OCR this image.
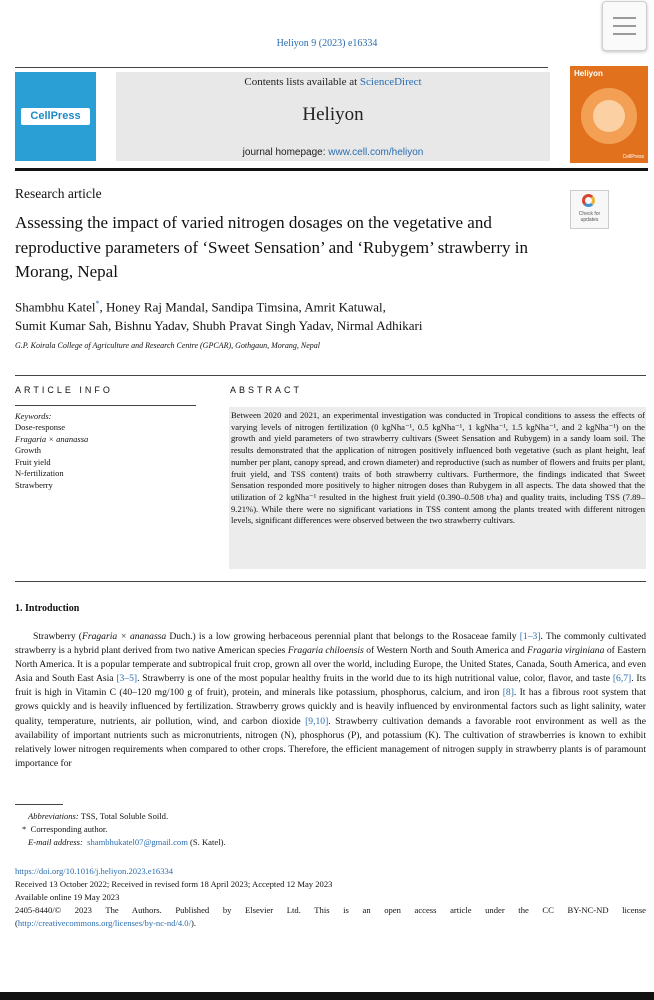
Heliyon 9 (2023) e16334
CellPress
Contents lists available at ScienceDirect
Heliyon
journal homepage: www.cell.com/heliyon
Heliyon
CellPress
Research article
Check for updates
Assessing the impact of varied nitrogen dosages on the vegetative and reproductive parameters of ‘Sweet Sensation’ and ‘Rubygem’ strawberry in Morang, Nepal
Shambhu Katel*, Honey Raj Mandal, Sandipa Timsina, Amrit Katuwal,
Sumit Kumar Sah, Bishnu Yadav, Shubh Pravat Singh Yadav, Nirmal Adhikari
G.P. Koirala College of Agriculture and Research Centre (GPCAR), Gothgaun, Morang, Nepal
ARTICLE INFO	ABSTRACT
Keywords:
Dose-response
Fragaria × ananassa
Growth
Fruit yield
N-fertilization
Strawberry
Between 2020 and 2021, an experimental investigation was conducted in Tropical conditions to assess the effects of varying levels of nitrogen fertilization (0 kgNha⁻¹, 0.5 kgNha⁻¹, 1 kgNha⁻¹, 1.5 kgNha⁻¹, and 2 kgNha⁻¹) on the growth and yield parameters of two strawberry cultivars (Sweet Sensation and Rubygem) in a sandy loam soil. The results demonstrated that the application of nitrogen positively influenced both vegetative (such as plant height, leaf number per plant, canopy spread, and crown diameter) and reproductive (such as number of flowers and fruits per plant, fruit yield, and TSS content) traits of both strawberry cultivars. Furthermore, the findings indicated that Sweet Sensation responded more positively to higher nitrogen doses than Rubygem in all aspects. The data showed that the utilization of 2 kgNha⁻¹ resulted in the highest fruit yield (0.390–0.508 t/ha) and quality traits, including TSS (7.89–9.21%). While there were no significant variations in TSS content among the plants treated with different nitrogen levels, significant differences were observed between the two strawberry cultivars.
1. Introduction
Strawberry (Fragaria × ananassa Duch.) is a low growing herbaceous perennial plant that belongs to the Rosaceae family [1–3]. The commonly cultivated strawberry is a hybrid plant derived from two native American species Fragaria chiloensis of Western North and South America and Fragaria virginiana of Eastern North America. It is a popular temperate and subtropical fruit crop, grown all over the world, including Europe, the United States, Canada, South America, and even Asia and South East Asia [3–5]. Strawberry is one of the most popular healthy fruits in the world due to its high nutritional value, color, flavor, and taste [6,7]. Its fruit is high in Vitamin C (40–120 mg/100 g of fruit), protein, and minerals like potassium, phosphorus, calcium, and iron [8]. It has a fibrous root system that grows quickly and is heavily influenced by fertilization. Strawberry grows quickly and is heavily influenced by environmental factors such as light salinity, water quality, temperature, nutrients, air pollution, wind, and carbon dioxide [9,10]. Strawberry cultivation demands a favorable root environment as well as the availability of important nutrients such as micronutrients, nitrogen (N), phosphorus (P), and potassium (K). The cultivation of strawberries is known to exhibit relatively lower nitrogen requirements when compared to other crops. Therefore, the efficient management of nitrogen supply in strawberry plants is of paramount importance for
Abbreviations: TSS, Total Soluble Soild.
* Corresponding author.
E-mail address: shambhukatel07@gmail.com (S. Katel).
https://doi.org/10.1016/j.heliyon.2023.e16334
Received 13 October 2022; Received in revised form 18 April 2023; Accepted 12 May 2023
Available online 19 May 2023
2405-8440/© 2023 The Authors. Published by Elsevier Ltd. This is an open access article under the CC BY-NC-ND license
(http://creativecommons.org/licenses/by-nc-nd/4.0/).
